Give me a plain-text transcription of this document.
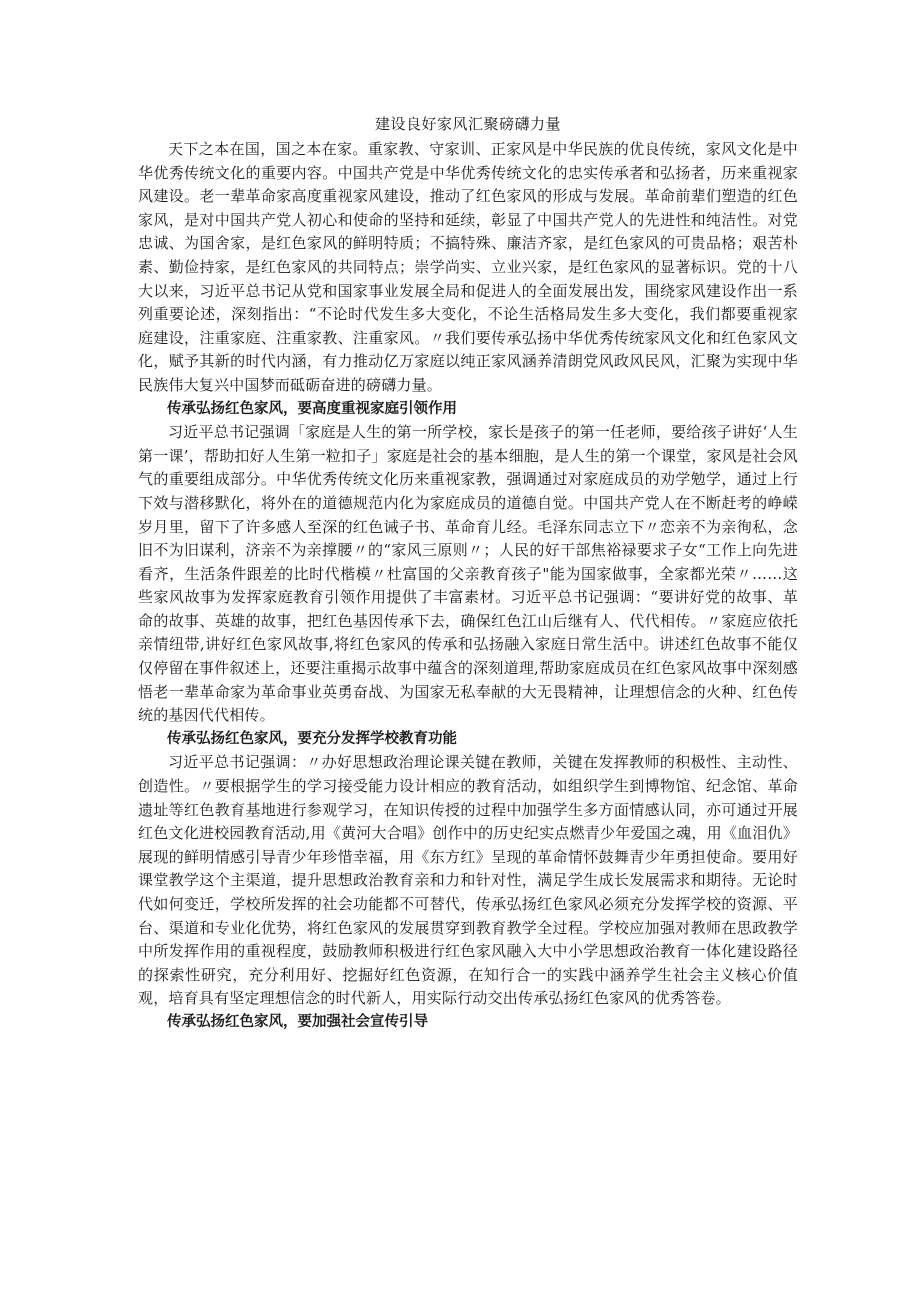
建设良好家风汇聚磅礴力量

天下之本在国，国之本在家。重家教、守家训、正家风是中华民族的优良传统，家风文化是中华优秀传统文化的重要内容。中国共产党是中华优秀传统文化的忠实传承者和弘扬者，历来重视家风建设。老一辈革命家高度重视家风建设，推动了红色家风的形成与发展。革命前辈们塑造的红色家风，是对中国共产党人初心和使命的坚持和延续，彰显了中国共产党人的先进性和纯洁性。对党忠诚、为国舍家，是红色家风的鲜明特质；不搞特殊、廉洁齐家，是红色家风的可贵品格；艰苦朴素、勤俭持家，是红色家风的共同特点；崇学尚实、立业兴家，是红色家风的显著标识。党的十八大以来，习近平总书记从党和国家事业发展全局和促进人的全面发展出发，围绕家风建设作出一系列重要论述，深刻指出：“不论时代发生多大变化，不论生活格局发生多大变化，我们都要重视家庭建设，注重家庭、注重家教、注重家风。〃我们要传承弘扬中华优秀传统家风文化和红色家风文化，赋予其新的时代内涵，有力推动亿万家庭以纯正家风涵养清朗党风政风民风，汇聚为实现中华民族伟大复兴中国梦而砥砺奋进的磅礴力量。

传承弘扬红色家风，要高度重视家庭引领作用

习近平总书记强调「家庭是人生的第一所学校，家长是孩子的第一任老师，要给孩子讲好‘人生第一课’，帮助扣好人生第一粒扣子」家庭是社会的基本细胞，是人生的第一个课堂，家风是社会风气的重要组成部分。中华优秀传统文化历来重视家教，强调通过对家庭成员的劝学勉学，通过上行下效与潜移默化，将外在的道德规范内化为家庭成员的道德自觉。中国共产党人在不断赶考的峥嵘岁月里，留下了许多感人至深的红色诫子书、革命育儿经。毛泽东同志立下〃恋亲不为亲徇私，念旧不为旧谋利，济亲不为亲撑腰〃的“家风三原则〃；人民的好干部焦裕禄要求子女“工作上向先进看齐，生活条件跟差的比时代楷模〃杜富国的父亲教育孩子"能为国家做事，全家都光荣〃……这些家风故事为发挥家庭教育引领作用提供了丰富素材。习近平总书记强调：“要讲好党的故事、革命的故事、英雄的故事，把红色基因传承下去，确保红色江山后继有人、代代相传。〃家庭应依托亲情纽带,讲好红色家风故事,将红色家风的传承和弘扬融入家庭日常生活中。讲述红色故事不能仅仅停留在事件叙述上，还要注重揭示故事中蕴含的深刻道理,帮助家庭成员在红色家风故事中深刻感悟老一辈革命家为革命事业英勇奋战、为国家无私奉献的大无畏精神，让理想信念的火种、红色传统的基因代代相传。

传承弘扬红色家风，要充分发挥学校教育功能

习近平总书记强调：〃办好思想政治理论课关键在教师，关键在发挥教师的积极性、主动性、创造性。〃要根据学生的学习接受能力设计相应的教育活动，如组织学生到博物馆、纪念馆、革命遗址等红色教育基地进行参观学习，在知识传授的过程中加强学生多方面情感认同，亦可通过开展红色文化进校园教育活动,用《黄河大合唱》创作中的历史纪实点燃青少年爱国之魂，用《血泪仇》展现的鲜明情感引导青少年珍惜幸福，用《东方红》呈现的革命情怀鼓舞青少年勇担使命。要用好课堂教学这个主渠道，提升思想政治教育亲和力和针对性，满足学生成长发展需求和期待。无论时代如何变迁，学校所发挥的社会功能都不可替代，传承弘扬红色家风必须充分发挥学校的资源、平台、渠道和专业化优势，将红色家风的发展贯穿到教育教学全过程。学校应加强对教师在思政教学中所发挥作用的重视程度，鼓励教师积极进行红色家风融入大中小学思想政治教育一体化建设路径的探索性研究，充分利用好、挖掘好红色资源，在知行合一的实践中涵养学生社会主义核心价值观，培育具有坚定理想信念的时代新人，用实际行动交出传承弘扬红色家风的优秀答卷。

传承弘扬红色家风，要加强社会宣传引导
